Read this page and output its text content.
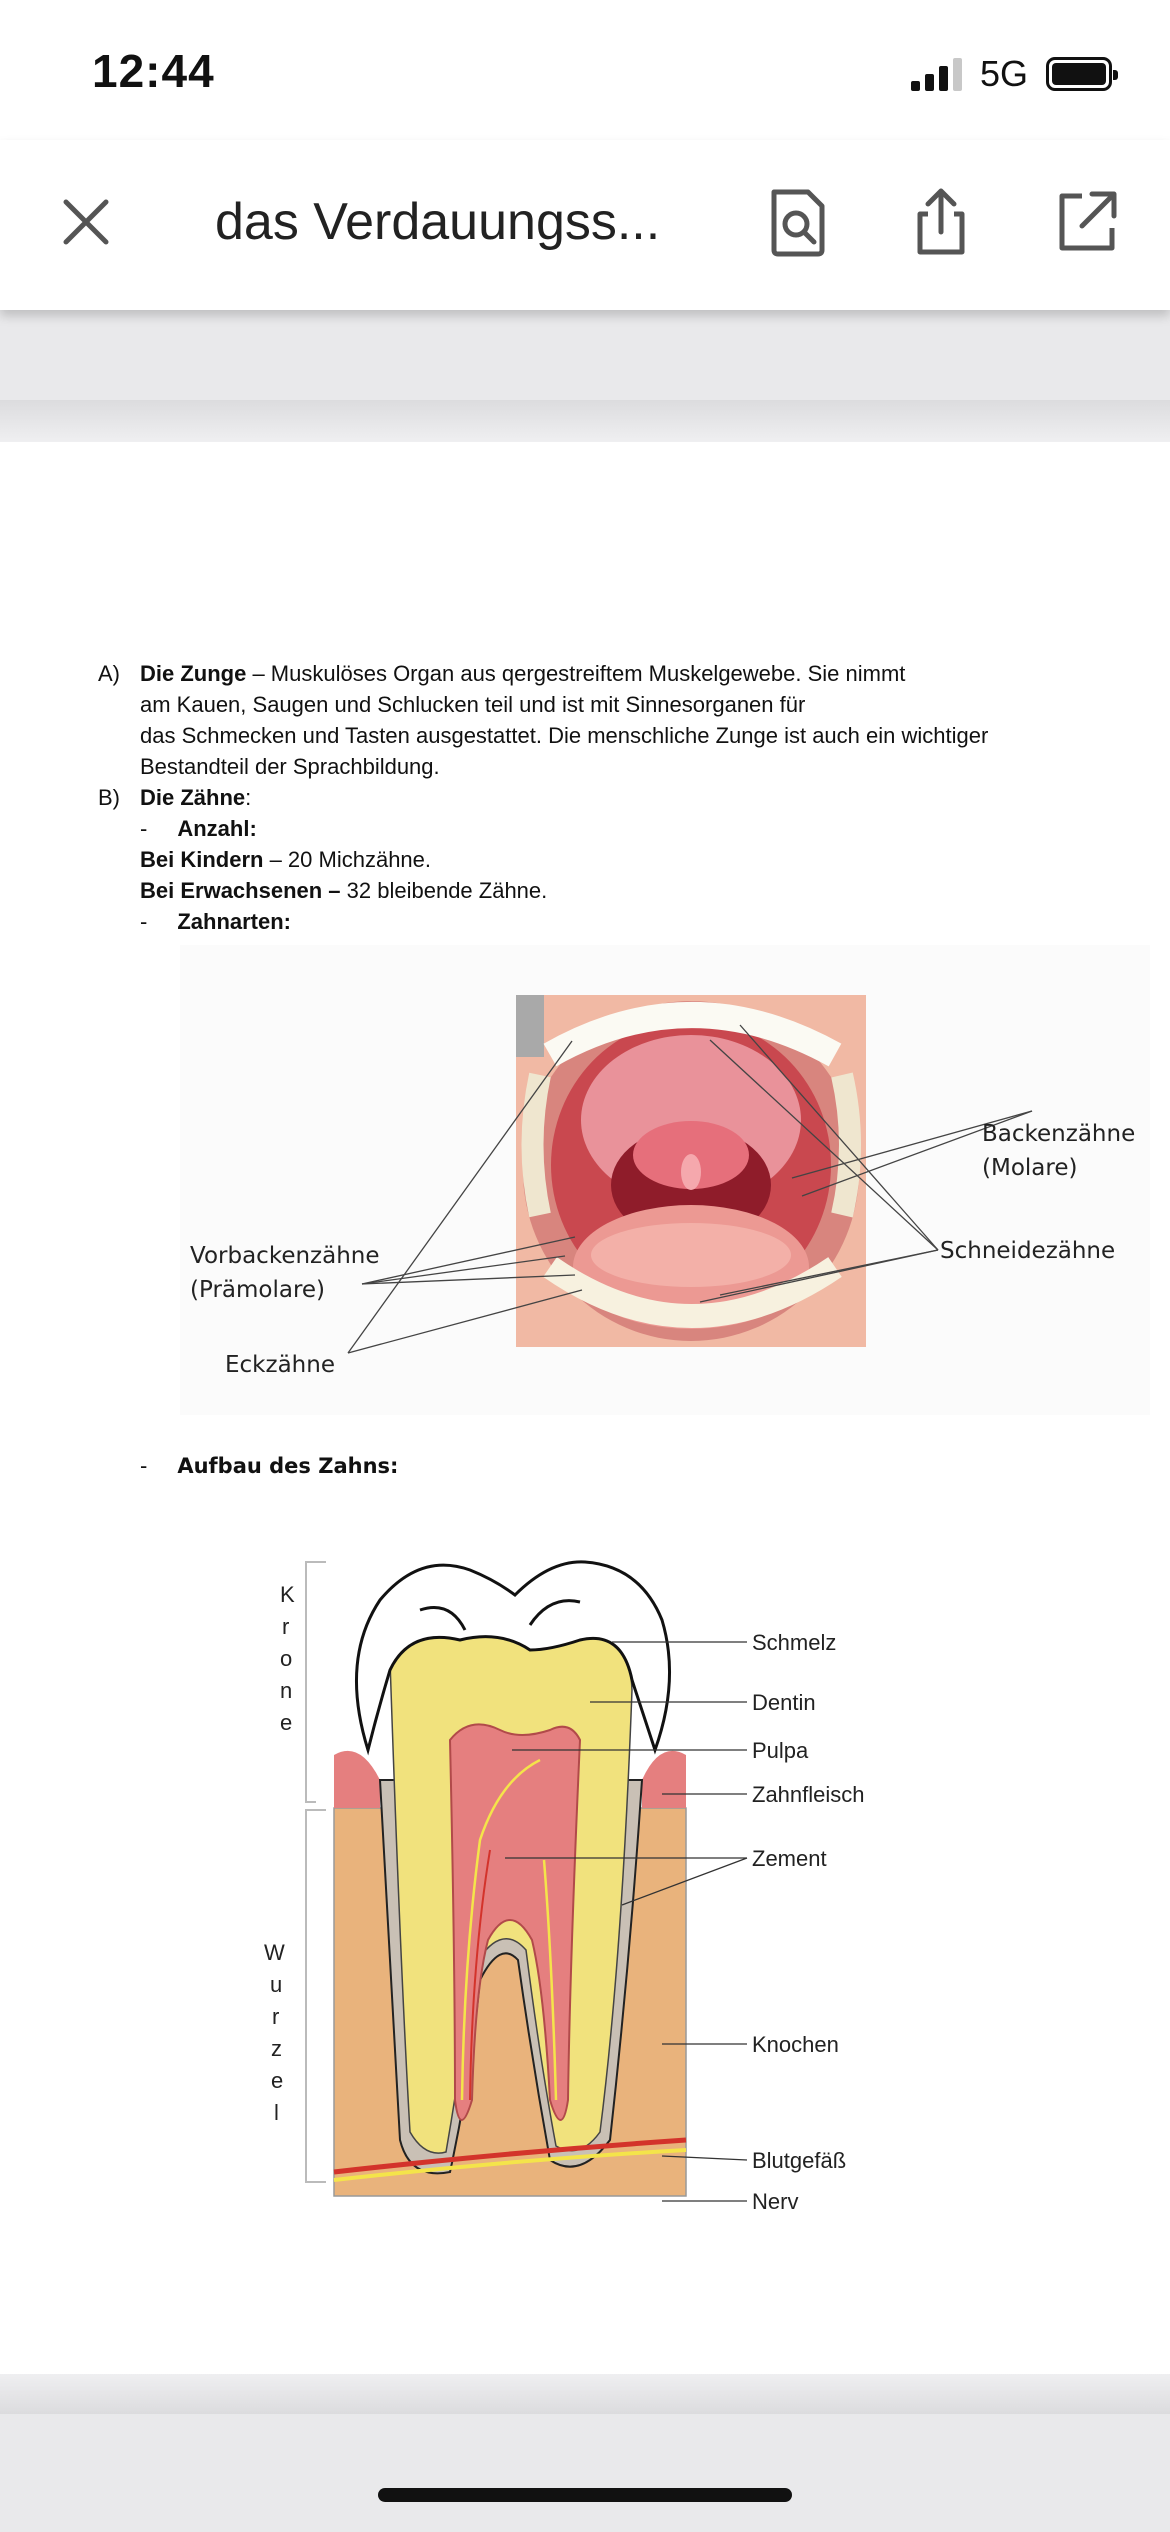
12:44	5G
das Verdauungss...
A) Die Zunge – Muskulöses Organ aus qergestreiftem Muskelgewebe. Sie nimmt
am Kauen, Saugen und Schlucken teil und ist mit Sinnesorganen für
das Schmecken und Tasten ausgestattet. Die menschliche Zunge ist auch ein wichtiger
Bestandteil der Sprachbildung.
B) Die Zähne:
- Anzahl:
Bei Kindern – 20 Michzähne.
Bei Erwachsenen – 32 bleibende Zähne.
- Zahnarten:
Backenzähne
(Molare)
Schneidezähne
Vorbackenzähne
(Prämolare)
Eckzähne
- Aufbau des Zahns:
K
r
o
n
e
W
u
r
z
e
l
Schmelz
Dentin
Pulpa
Zahnfleisch
Zement
Knochen
Blutgefäß
Nerv
